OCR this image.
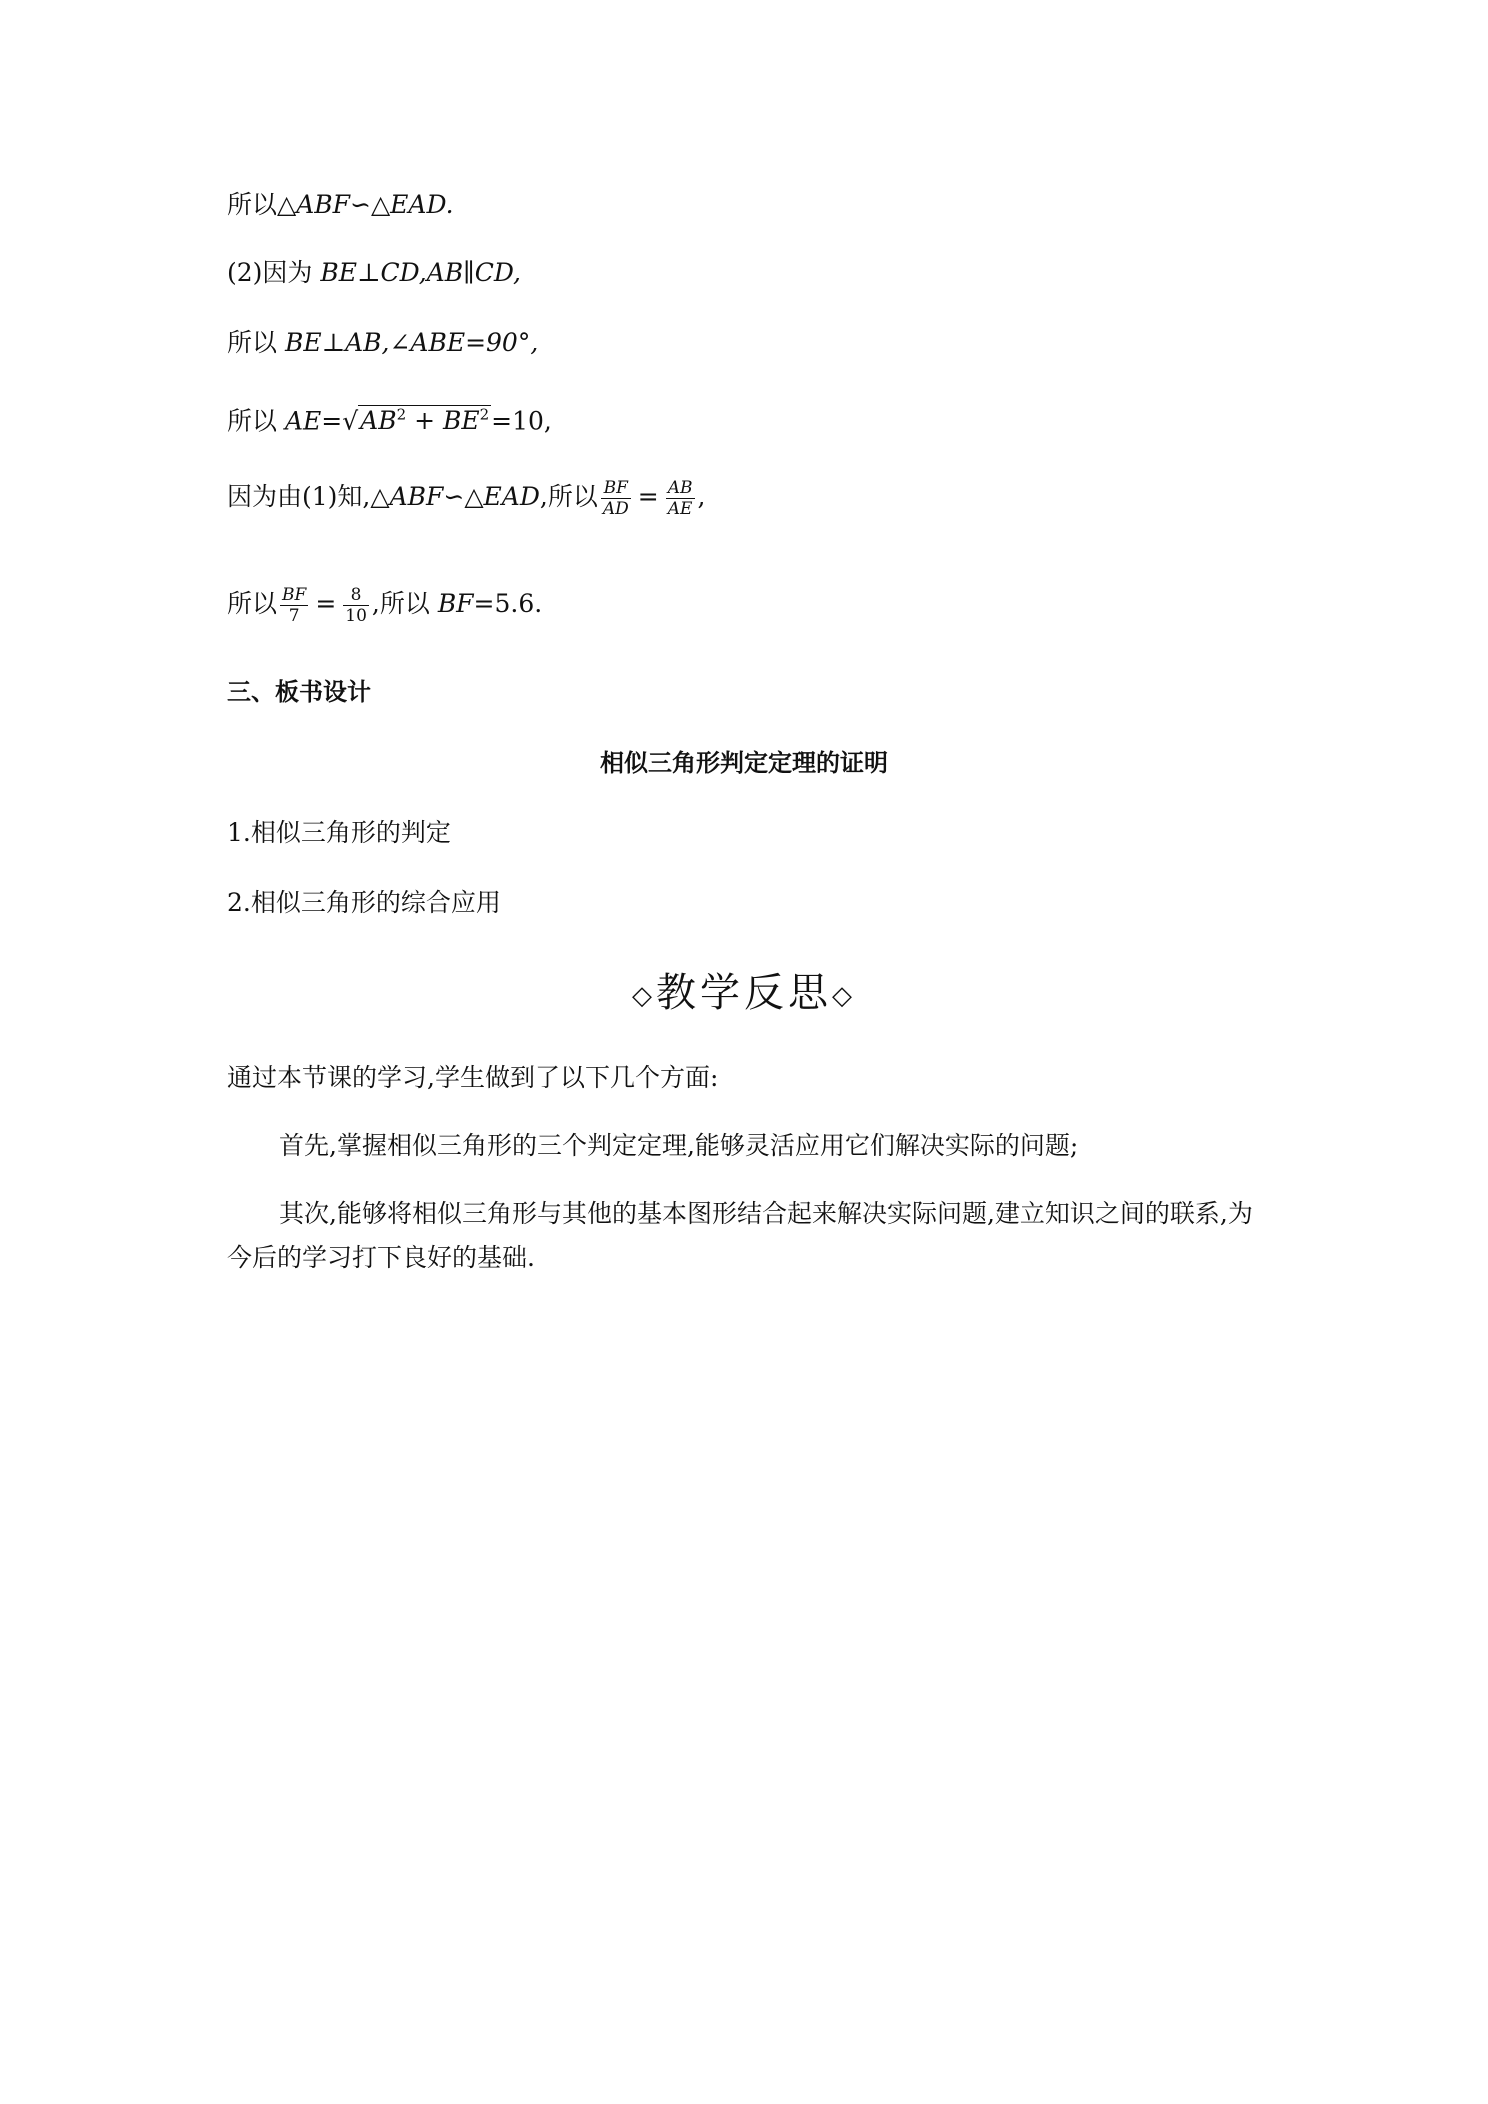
所以△ABF∽△EAD.
(2)因为 BE⊥CD,AB∥CD,
所以 BE⊥AB,∠ABE=90°,
所以 $AE=√AB^2 + BE^2=10$,
因为由(1)知,△ABF∽△EAD,所以 $\frac{BF}{AD} = \frac{AB}{AE}$ ,
所以 $\frac{BF}{7} = \frac{8}{10}$ ,所以 BF=5.6.
三、板书设计
相似三角形判定定理的证明
1.相似三角形的判定
2.相似三角形的综合应用
◇教学反思◇
通过本节课的学习,学生做到了以下几个方面:
首先,掌握相似三角形的三个判定定理,能够灵活应用它们解决实际的问题;
其次,能够将相似三角形与其他的基本图形结合起来解决实际问题,建立知识之间的联系,为今后的学习打下良好的基础.
